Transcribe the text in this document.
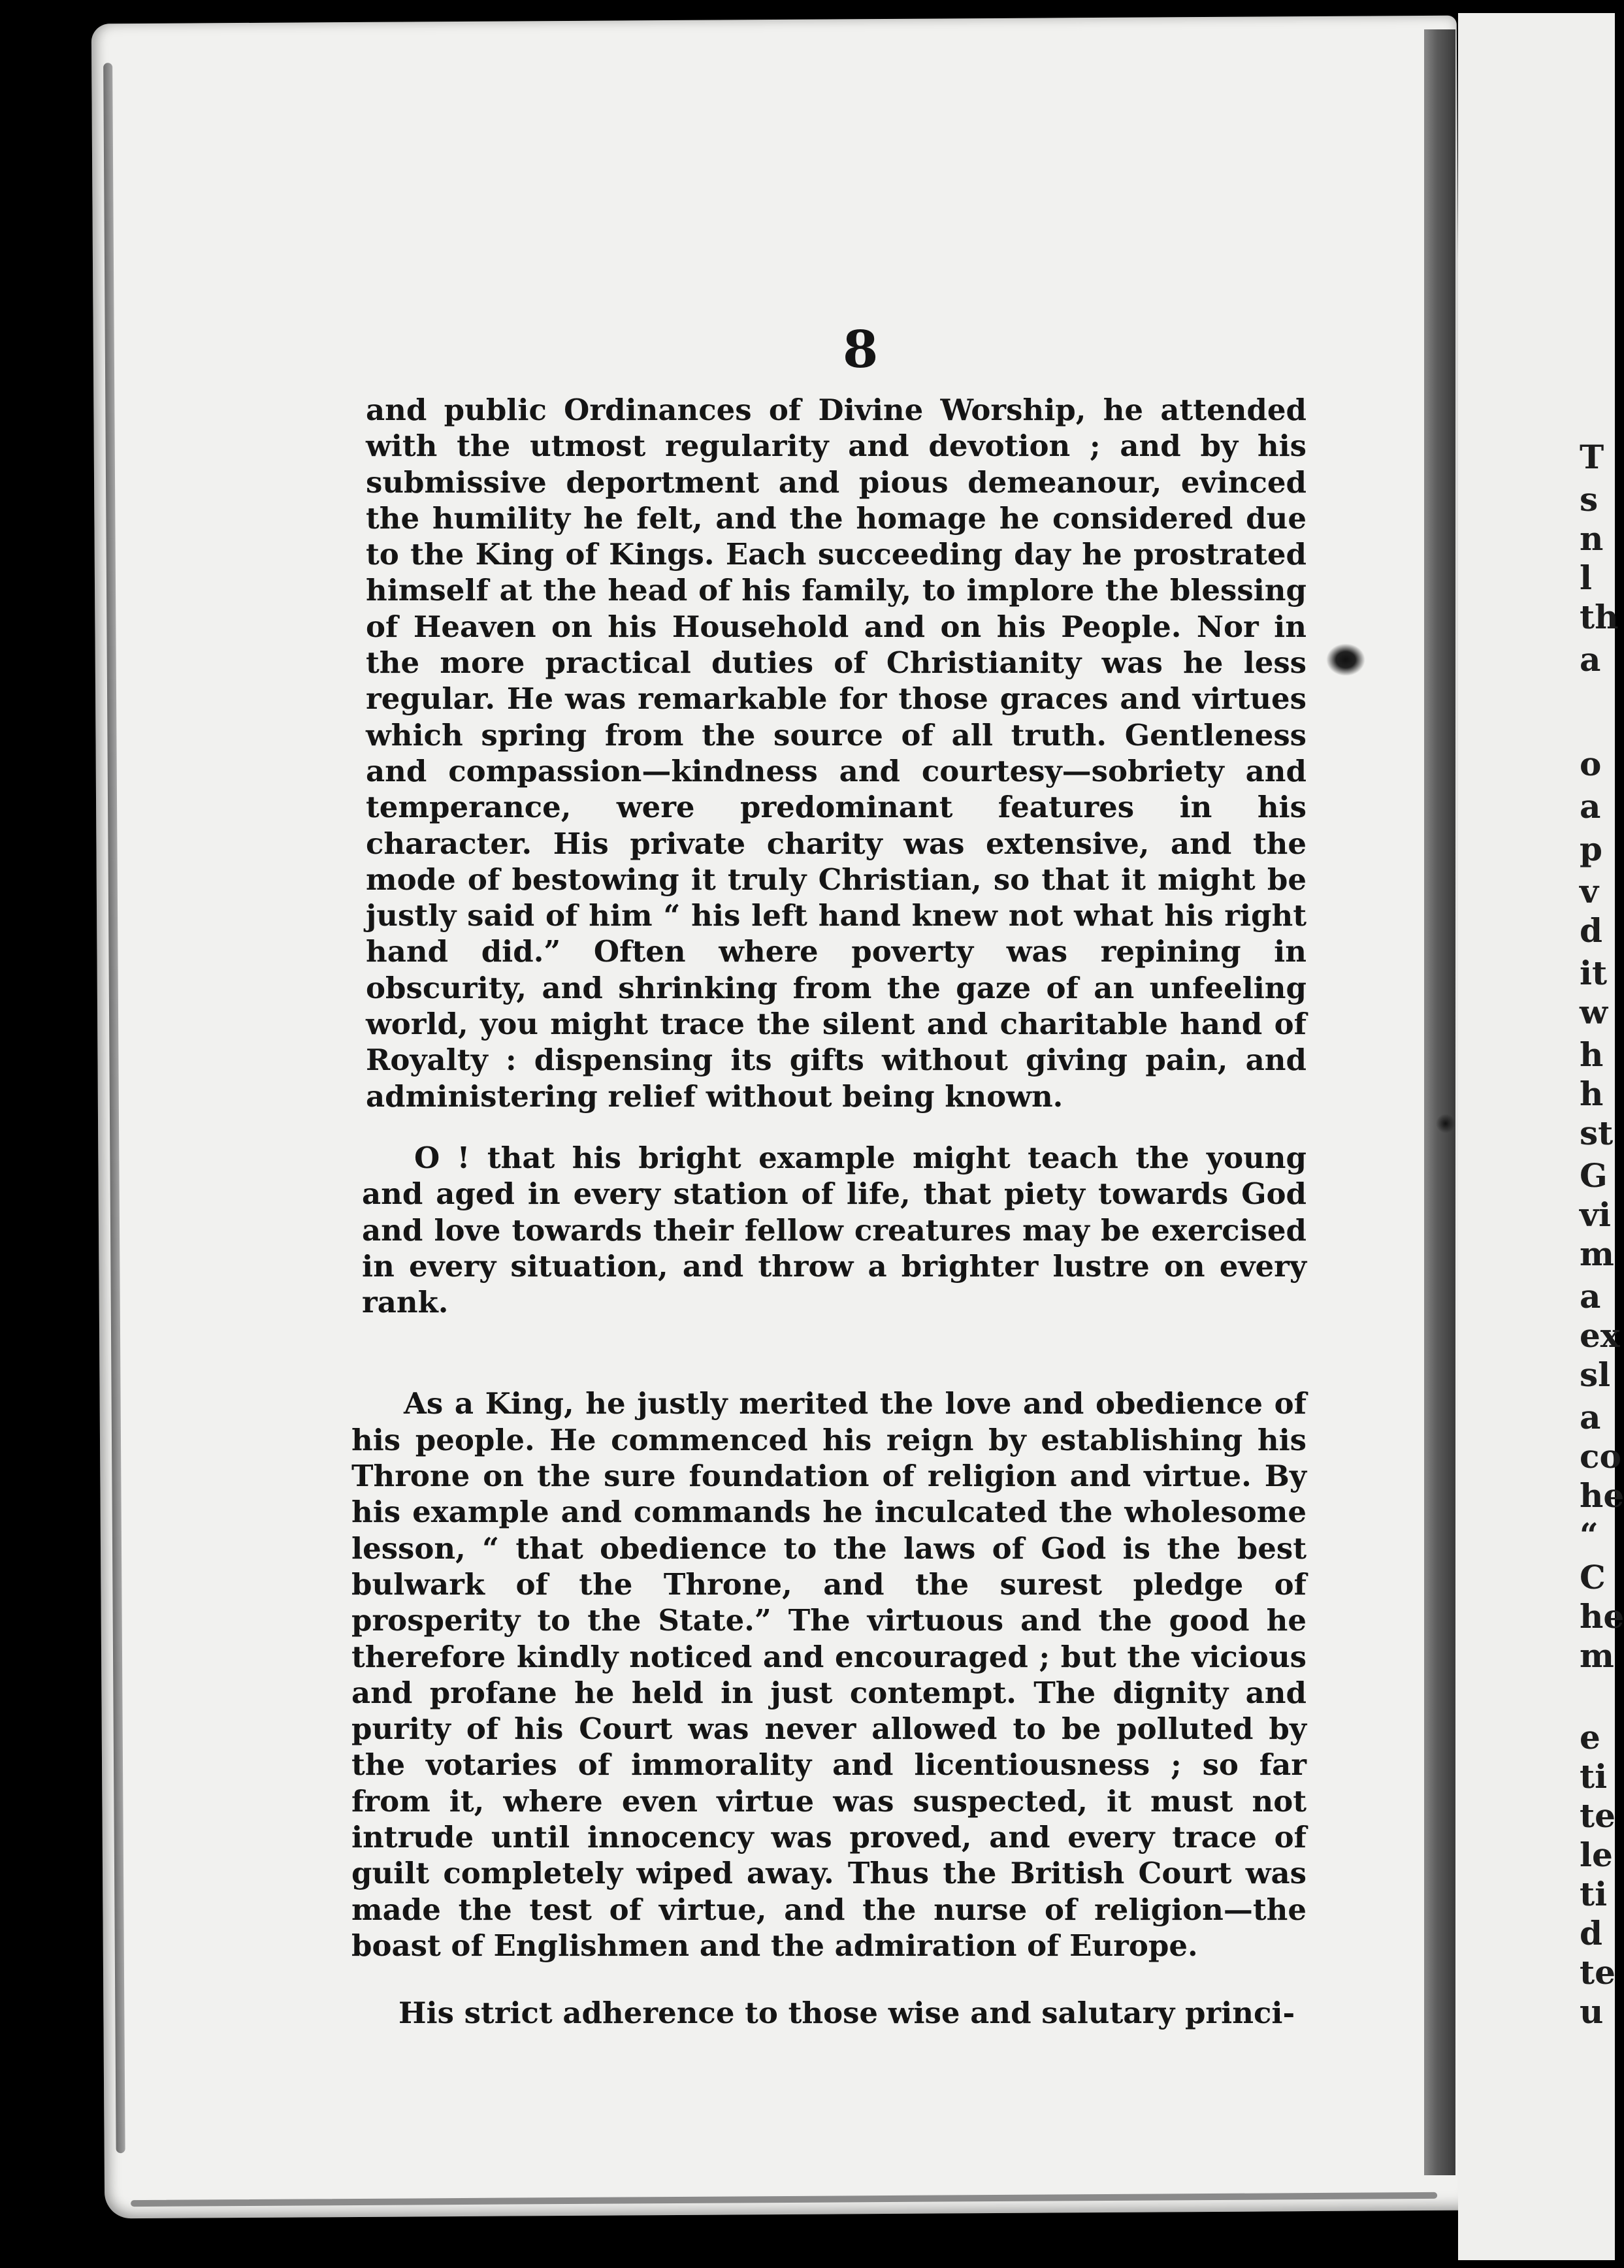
T
s
n
l
th
a
o
a
p
v
d
it
w
h
h
st
G
vi
m
a
ex
sl
a
co
he
“
C
he
m
e
ti
te
le
ti
d
te
u
8

and public Ordinances of Divine Worship, he attended with the utmost regularity and devotion ; and by his submissive deportment and pious demeanour, evinced the humility he felt, and the homage he considered due to the King of Kings. Each succeeding day he prostrated himself at the head of his family, to implore the blessing of Heaven on his Household and on his People. Nor in the more practical duties of Christianity was he less regular. He was remarkable for those graces and virtues which spring from the source of all truth. Gentleness and compassion—kindness and courtesy—sobriety and temperance, were predominant features in his character. His private charity was extensive, and the mode of bestowing it truly Christian, so that it might be justly said of him “ his left hand knew not what his right hand did.” Often where poverty was repining in obscurity, and shrinking from the gaze of an unfeeling world, you might trace the silent and charitable hand of Royalty : dispensing its gifts without giving pain, and administering relief without being known.

O ! that his bright example might teach the young and aged in every station of life, that piety towards God and love towards their fellow creatures may be exercised in every situation, and throw a brighter lustre on every rank.

As a King, he justly merited the love and obedience of his people. He commenced his reign by establishing his Throne on the sure foundation of religion and virtue. By his example and commands he inculcated the wholesome lesson, “ that obedience to the laws of God is the best bulwark of the Throne, and the surest pledge of prosperity to the State.” The virtuous and the good he therefore kindly noticed and encouraged ; but the vicious and profane he held in just contempt. The dignity and purity of his Court was never allowed to be polluted by the votaries of immorality and licentiousness ; so far from it, where even virtue was suspected, it must not intrude until innocency was proved, and every trace of guilt completely wiped away. Thus the British Court was made the test of virtue, and the nurse of religion—the boast of Englishmen and the admiration of Europe.

His strict adherence to those wise and salutary princi-
